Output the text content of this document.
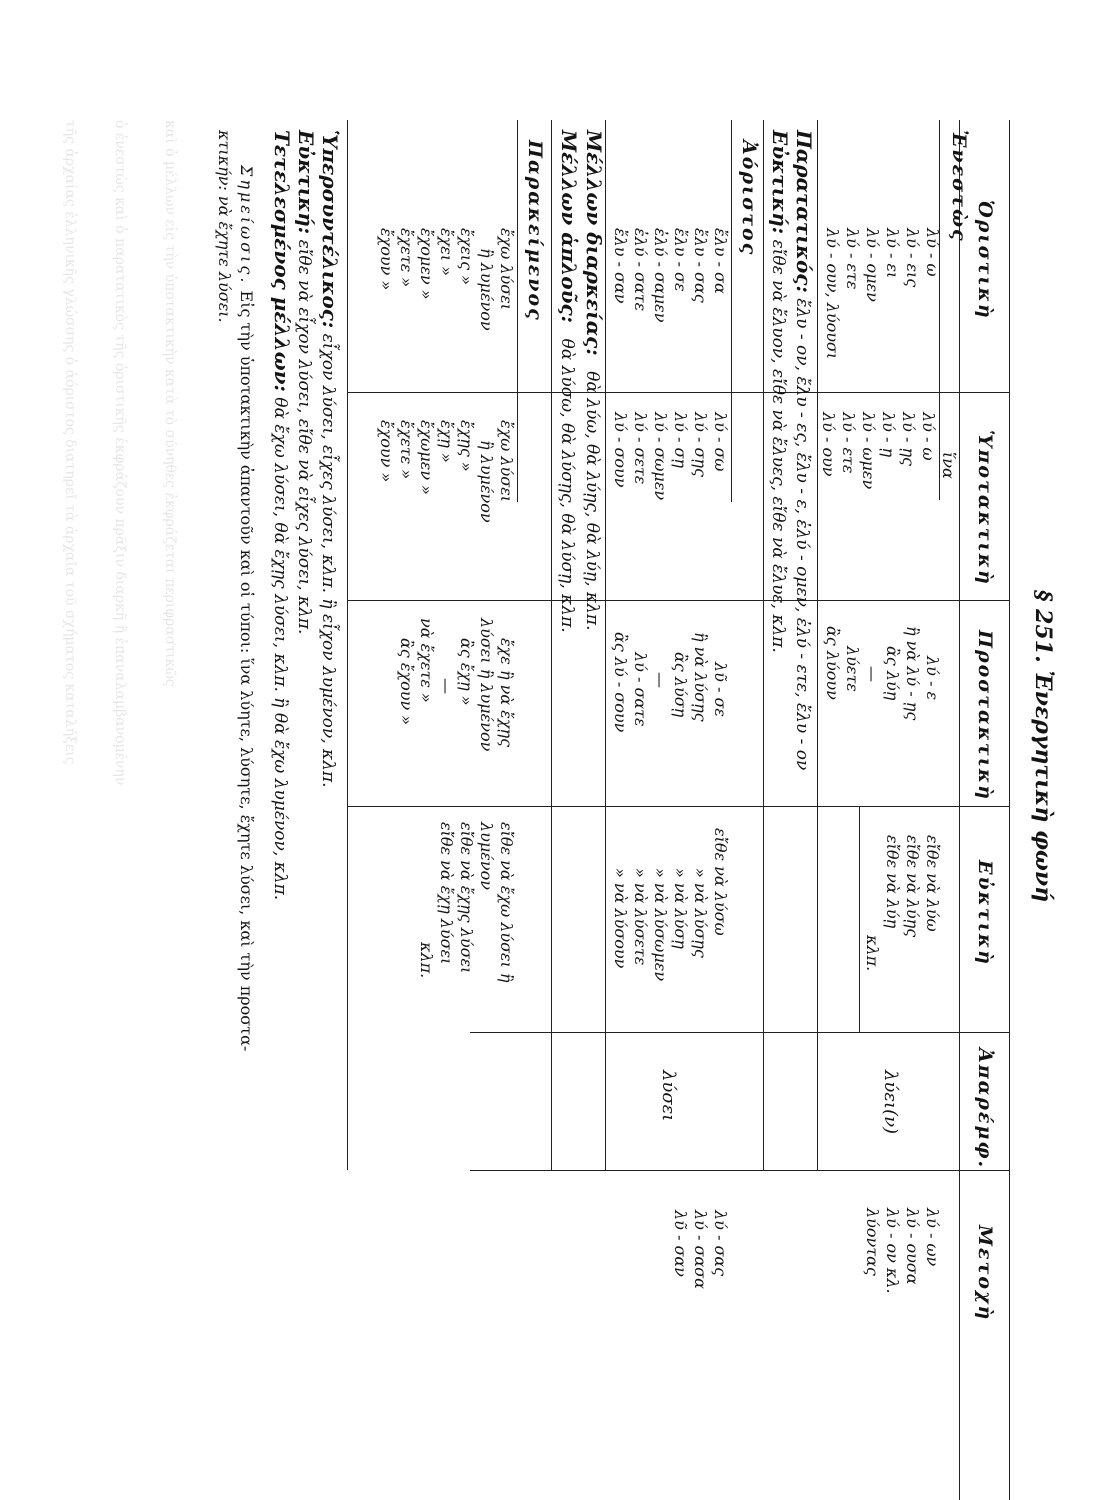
τῆς ἀρχαίας ἑλληνικῆς γλώσσης ὁ ἀόριστος διατηρεῖ τὰ ἀρχαῖα τοῦ σχήματος καταλήξεις ὁ ἐνεστὼς καὶ ὁ παρατατικὸς τῆς ὁριστικῆς ἐκφράζουν πρᾶξιν διαρκῆ ἢ ἐπαναλαμβανομένην καὶ ὁ μέλλων εἰς τὴν ὑποτακτικὴν κατὰ τὸ σύνηθες ἐκφράζεται περιφραστικῶς
§ 251. Ἐνεργητικὴ φωνή
Ὁριστικὴ
Ὑποτακτικὴ
Προστακτικὴ
Εὐκτικὴ
Ἀπαρέμφ.
Μετοχὴ
Ἐνεστὼς
λύ - ω
λύ - εις
λύ - ει
λύ - ομεν
λύ - ετε
λύ - ουν, λύουσι
ἵνα
λύ - ω
λύ - ῃς
λύ - ῃ
λύ - ωμεν
λύ - ετε
λύ - ουν
λύ - ε
ἢ νὰ λύ - ῃς
ἂς λύῃ
—
λύετε
ἂς λύουν
εἴθε νὰ λύω
εἴθε νὰ λύῃς
εἴθε νὰ λύῃ
κλπ.
λύει(ν)
λύ - ων
λύ - ουσα
λύ - ον κλ.
λύοντας
Παρατατικός: ἔλυ - ον, ἔλυ - ες, ἔλυ - ε, ἐλύ - ομεν, ἐλύ - ετε, ἔλυ - ον
Εὐκτική: εἴθε νὰ ἔλυον, εἴθε νὰ ἔλυες, εἴθε νὰ ἔλυε, κλπ.
Ἀόριστος
ἔλυ - σα
ἔλυ - σας
ἔλυ - σε
ἐλύ - σαμεν
ἐλύ - σατε
ἔλυ - σαν
λύ - σω
λύ - σῃς
λύ - σῃ
λύ - σωμεν
λύ - σετε
λύ - σουν
λῦ - σε
ἢ νὰ λύσῃς
ἂς λύσῃ
—
λύ - σατε
ἂς λύ - σουν
εἴθε νὰ λύσω
» νὰ λύσῃς
» νὰ λύσῃ
» νὰ λύσωμεν
» νὰ λύσετε
» νὰ λύσουν
λύσει
λύ - σας
λύ - σασα
λῦ - σαν
Μέλλων διαρκείας: θὰ λύω, θὰ λύῃς, θὰ λύῃ, κλπ.
Μέλλων ἁπλοῦς: θὰ λύσω, θὰ λύσῃς, θὰ λύσῃ, κλπ.
Παρακείμενος
ἔχω λύσει
ἢ λυμένον
ἔχεις »
ἔχει »
ἔχομεν »
ἔχετε »
ἔχουν »
ἔχω λύσει
ἢ λυμένον
ἔχῃς »
ἔχῃ »
ἔχωμεν »
ἔχετε »
ἔχουν »
ἔχε ἢ νὰ ἔχῃς
λύσει ἢ λυμένον
ἂς ἔχῃ »
—
νὰ ἔχετε »
ἂς ἔχουν »
εἴθε νὰ ἔχω λύσει ἢ
λυμένον
εἴθε νὰ ἔχῃς λύσει
εἴθε νὰ ἔχῃ λύσει
κλπ.
Ὑπερσυντέλικος: εἶχον λύσει, εἶχες λύσει, κλπ. ἢ εἶχον λυμένον, κλπ.
Εὐκτική: εἴθε νὰ εἶχον λύσει, εἴθε νὰ εἶχες λύσει, κλπ.
Τετελεσμένος μέλλων: θὰ ἔχω λύσει, θὰ ἔχῃς λύσει, κλπ. ἢ θὰ ἔχω λυμένον, κλπ.
Σημείωσις. Εἰς τὴν ὑποτακτικὴν ἀπαντοῦν καὶ οἱ τύποι: ἵνα λύητε, λύσητε, ἔχητε λύσει, καὶ τὴν προστα-
κτικήν: νὰ ἔχητε λύσει.
